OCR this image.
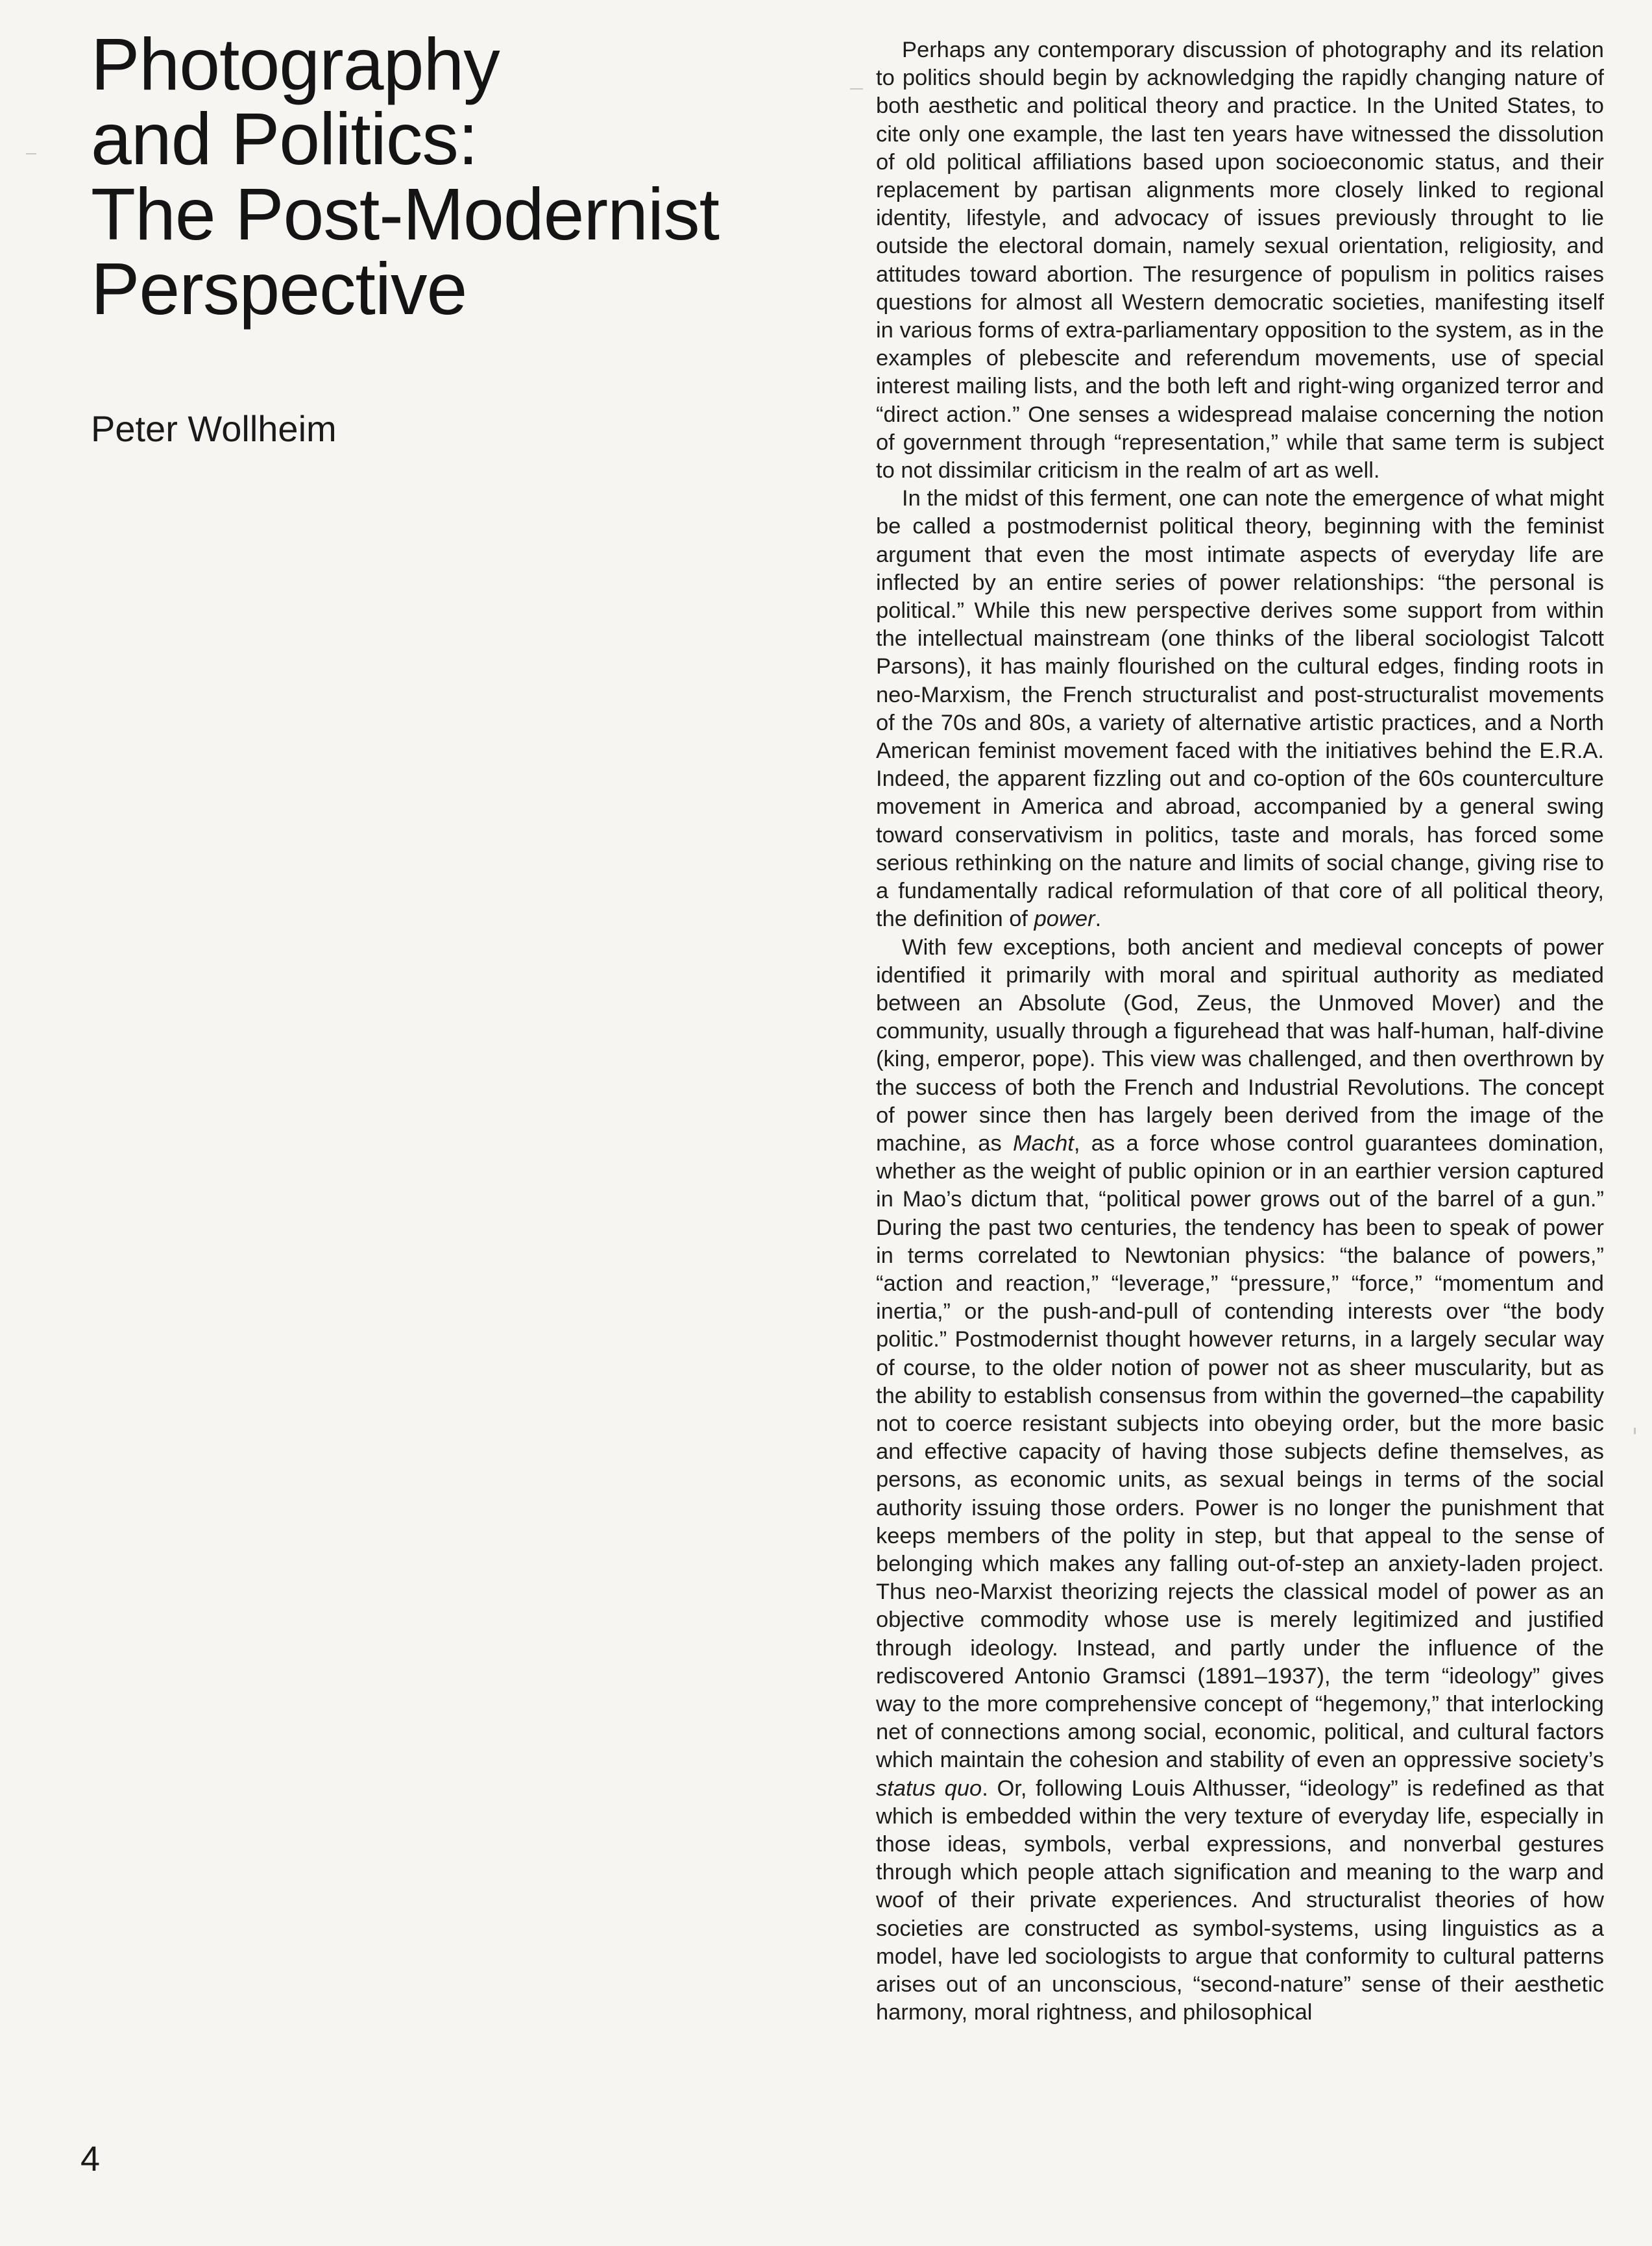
Photography
and Politics:
The Post-Modernist
Perspective

Peter Wollheim

Perhaps any contemporary discussion of photography and its relation to politics should begin by acknowledging the rapidly changing nature of both aesthetic and political theory and practice. In the United States, to cite only one example, the last ten years have witnessed the dissolution of old political affiliations based upon socioeconomic status, and their replacement by partisan alignments more closely linked to regional identity, lifestyle, and advocacy of issues previously throught to lie outside the electoral domain, namely sexual orientation, religiosity, and attitudes toward abortion. The resurgence of populism in politics raises questions for almost all Western democratic societies, manifesting itself in various forms of extra-parliamentary opposition to the system, as in the examples of plebescite and referendum movements, use of special interest mailing lists, and the both left and right-wing organized terror and “direct action.” One senses a widespread malaise concerning the notion of government through “representation,” while that same term is subject to not dissimilar criticism in the realm of art as well.

In the midst of this ferment, one can note the emergence of what might be called a postmodernist political theory, beginning with the feminist argument that even the most intimate aspects of everyday life are inflected by an entire series of power relationships: “the personal is political.” While this new perspective derives some support from within the intellectual mainstream (one thinks of the liberal sociologist Talcott Parsons), it has mainly flourished on the cultural edges, finding roots in neo-Marxism, the French structuralist and post-structuralist movements of the 70s and 80s, a variety of alternative artistic practices, and a North American feminist movement faced with the initiatives behind the E.R.A. Indeed, the apparent fizzling out and co-option of the 60s counterculture movement in America and abroad, accompanied by a general swing toward conservativism in politics, taste and morals, has forced some serious rethinking on the nature and limits of social change, giving rise to a fundamentally radical reformulation of that core of all political theory, the definition of power.

With few exceptions, both ancient and medieval concepts of power identified it primarily with moral and spiritual authority as mediated between an Absolute (God, Zeus, the Unmoved Mover) and the community, usually through a figurehead that was half-human, half-divine (king, emperor, pope). This view was challenged, and then overthrown by the success of both the French and Industrial Revolutions. The concept of power since then has largely been derived from the image of the machine, as Macht, as a force whose control guarantees domination, whether as the weight of public opinion or in an earthier version captured in Mao’s dictum that, “political power grows out of the barrel of a gun.” During the past two centuries, the tendency has been to speak of power in terms correlated to Newtonian physics: “the balance of powers,” “action and reaction,” “leverage,” “pressure,” “force,” “momentum and inertia,” or the push-and-pull of contending interests over “the body politic.” Postmodernist thought however returns, in a largely secular way of course, to the older notion of power not as sheer muscularity, but as the ability to establish consensus from within the governed–the capability not to coerce resistant subjects into obeying order, but the more basic and effective capacity of having those subjects define themselves, as persons, as economic units, as sexual beings in terms of the social authority issuing those orders. Power is no longer the punishment that keeps members of the polity in step, but that appeal to the sense of belonging which makes any falling out-of-step an anxiety-laden project. Thus neo-Marxist theorizing rejects the classical model of power as an objective commodity whose use is merely legitimized and justified through ideology. Instead, and partly under the influence of the rediscovered Antonio Gramsci (1891–1937), the term “ideology” gives way to the more comprehensive concept of “hegemony,” that interlocking net of connections among social, economic, political, and cultural factors which maintain the cohesion and stability of even an oppressive society’s status quo. Or, following Louis Althusser, “ideology” is redefined as that which is embedded within the very texture of everyday life, especially in those ideas, symbols, verbal expressions, and nonverbal gestures through which people attach signification and meaning to the warp and woof of their private experiences. And structuralist theories of how societies are constructed as symbol-systems, using linguistics as a model, have led sociologists to argue that conformity to cultural patterns arises out of an unconscious, “second-nature” sense of their aesthetic harmony, moral rightness, and philosophical

4
